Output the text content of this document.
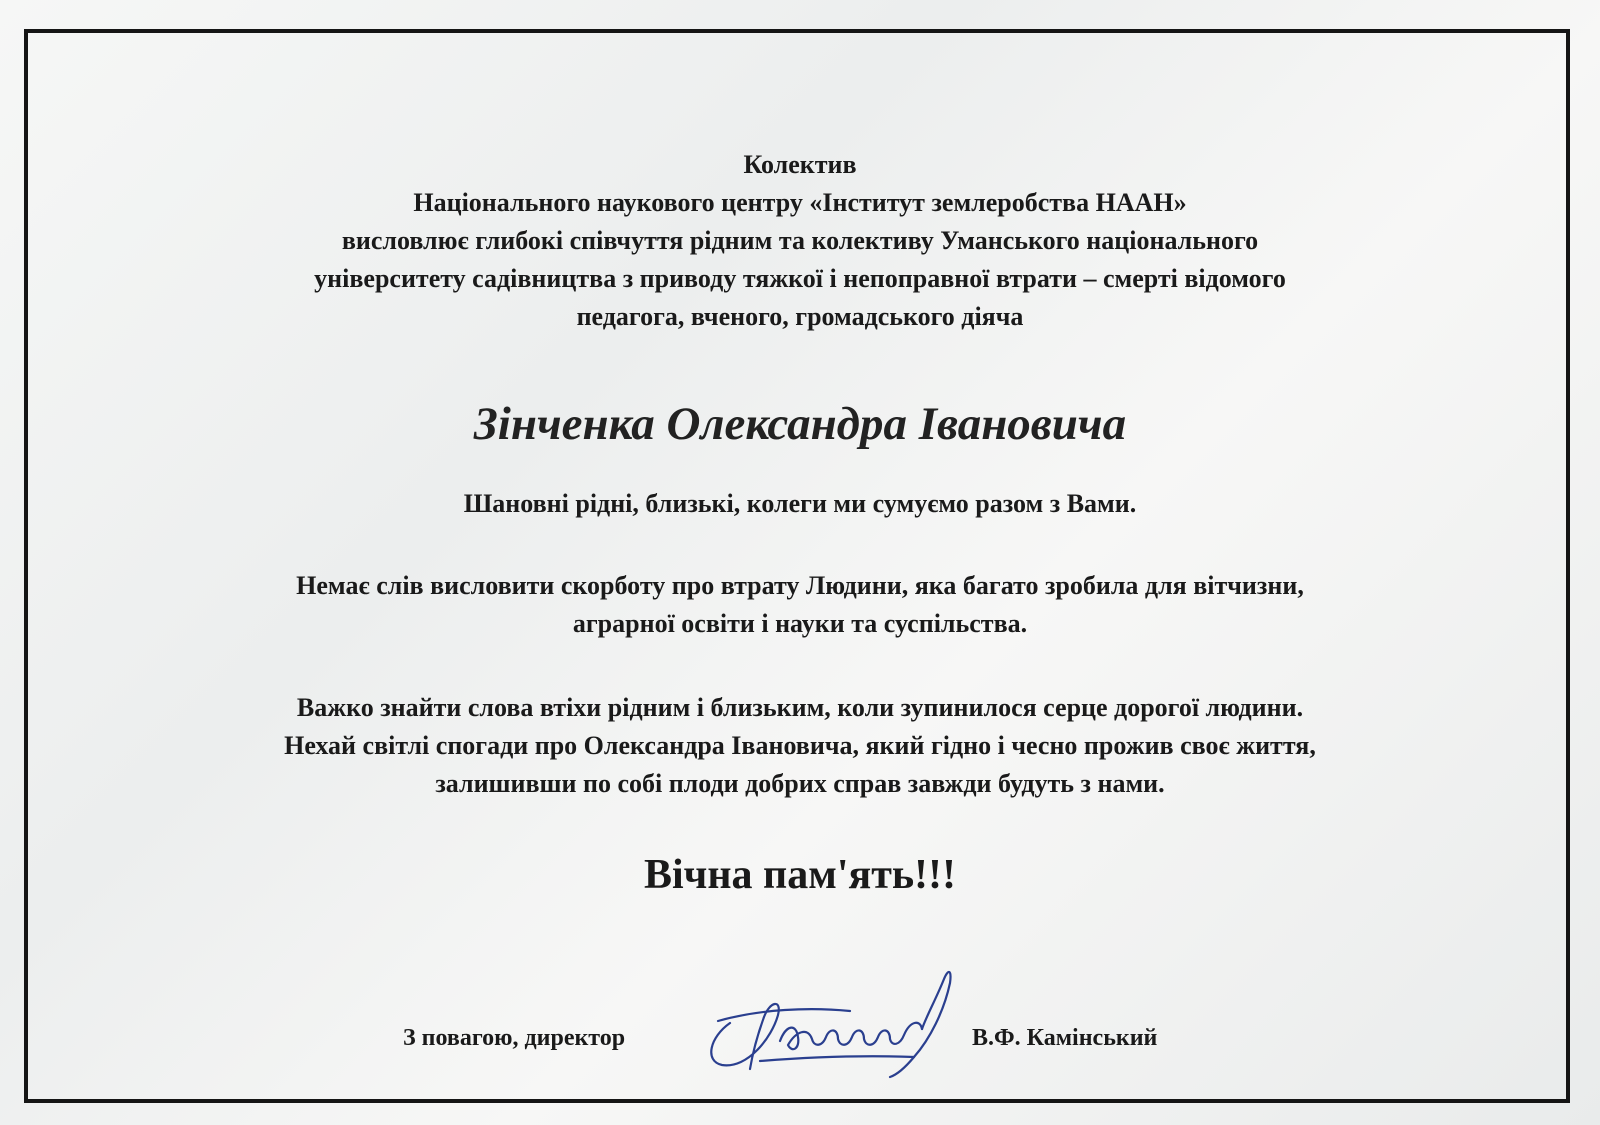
Колектив
Національного наукового центру «Інститут землеробства НААН»
висловлює глибокі співчуття рідним та колективу Уманського національного
університету садівництва з приводу тяжкої і непоправної втрати – смерті відомого
педагога, вченого, громадського діяча
Зінченка Олександра Івановича
Шановні рідні, близькі, колеги ми сумуємо разом з Вами.
Немає слів висловити скорботу про втрату Людини, яка багато зробила для вітчизни,
аграрної освіти і науки та суспільства.
Важко знайти слова втіхи рідним і близьким, коли зупинилося серце дорогої людини.
Нехай світлі спогади про Олександра Івановича, який гідно і чесно прожив своє життя,
залишивши по собі плоди добрих справ завжди будуть з нами.
Вічна пам'ять!!!
З повагою, директор	В.Ф. Камінський
